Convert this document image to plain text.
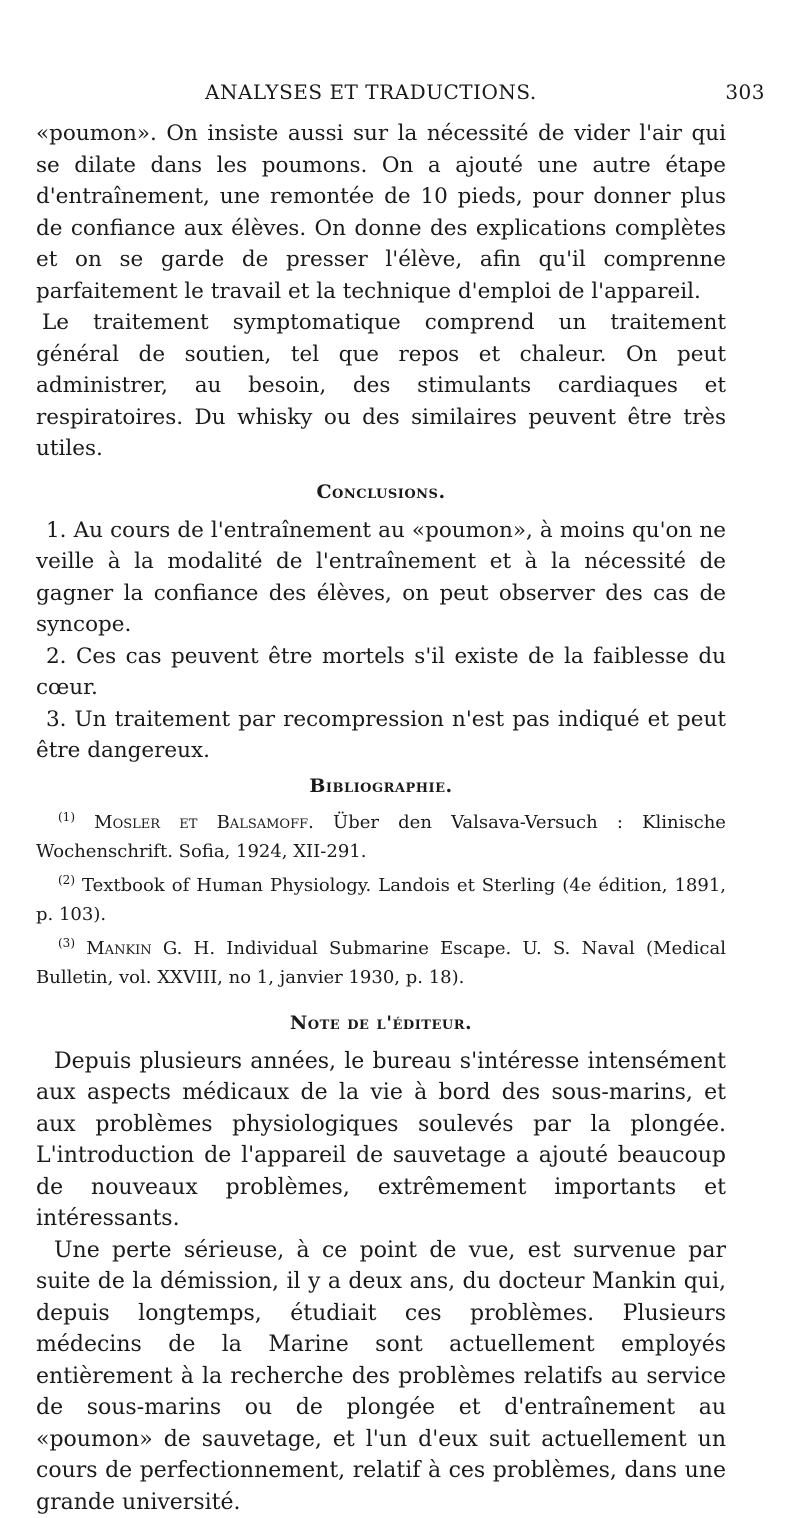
ANALYSES ET TRADUCTIONS.	303

«poumon». On insiste aussi sur la nécessité de vider l'air qui se dilate dans les poumons. On a ajouté une autre étape d'entraînement, une remontée de 10 pieds, pour donner plus de confiance aux élèves. On donne des explications complètes et on se garde de presser l'élève, afin qu'il comprenne parfaitement le travail et la technique d'emploi de l'appareil.

Le traitement symptomatique comprend un traitement général de soutien, tel que repos et chaleur. On peut administrer, au besoin, des stimulants cardiaques et respiratoires. Du whisky ou des similaires peuvent être très utiles.

Conclusions.

1. Au cours de l'entraînement au «poumon», à moins qu'on ne veille à la modalité de l'entraînement et à la nécessité de gagner la confiance des élèves, on peut observer des cas de syncope.

2. Ces cas peuvent être mortels s'il existe de la faiblesse du cœur.

3. Un traitement par recompression n'est pas indiqué et peut être dangereux.

Bibliographie.

$^{(1)}$ Mosler et Balsamoff. Über den Valsava-Versuch : Klinische Wochenschrift. Sofia, 1924, XII-291.

$^{(2)}$ Textbook of Human Physiology. Landois et Sterling (4e édition, 1891, p. 103).

$^{(3)}$ Mankin G. H. Individual Submarine Escape. U. S. Naval (Medical Bulletin, vol. XXVIII, no 1, janvier 1930, p. 18).

Note de l'éditeur.

Depuis plusieurs années, le bureau s'intéresse intensément aux aspects médicaux de la vie à bord des sous-marins, et aux problèmes physiologiques soulevés par la plongée. L'introduction de l'appareil de sauvetage a ajouté beaucoup de nouveaux problèmes, extrêmement importants et intéressants.

Une perte sérieuse, à ce point de vue, est survenue par suite de la démission, il y a deux ans, du docteur Mankin qui, depuis longtemps, étudiait ces problèmes. Plusieurs médecins de la Marine sont actuellement employés entièrement à la recherche des problèmes relatifs au service de sous-marins ou de plongée et d'entraînement au «poumon» de sauvetage, et l'un d'eux suit actuellement un cours de perfectionnement, relatif à ces problèmes, dans une grande université.
